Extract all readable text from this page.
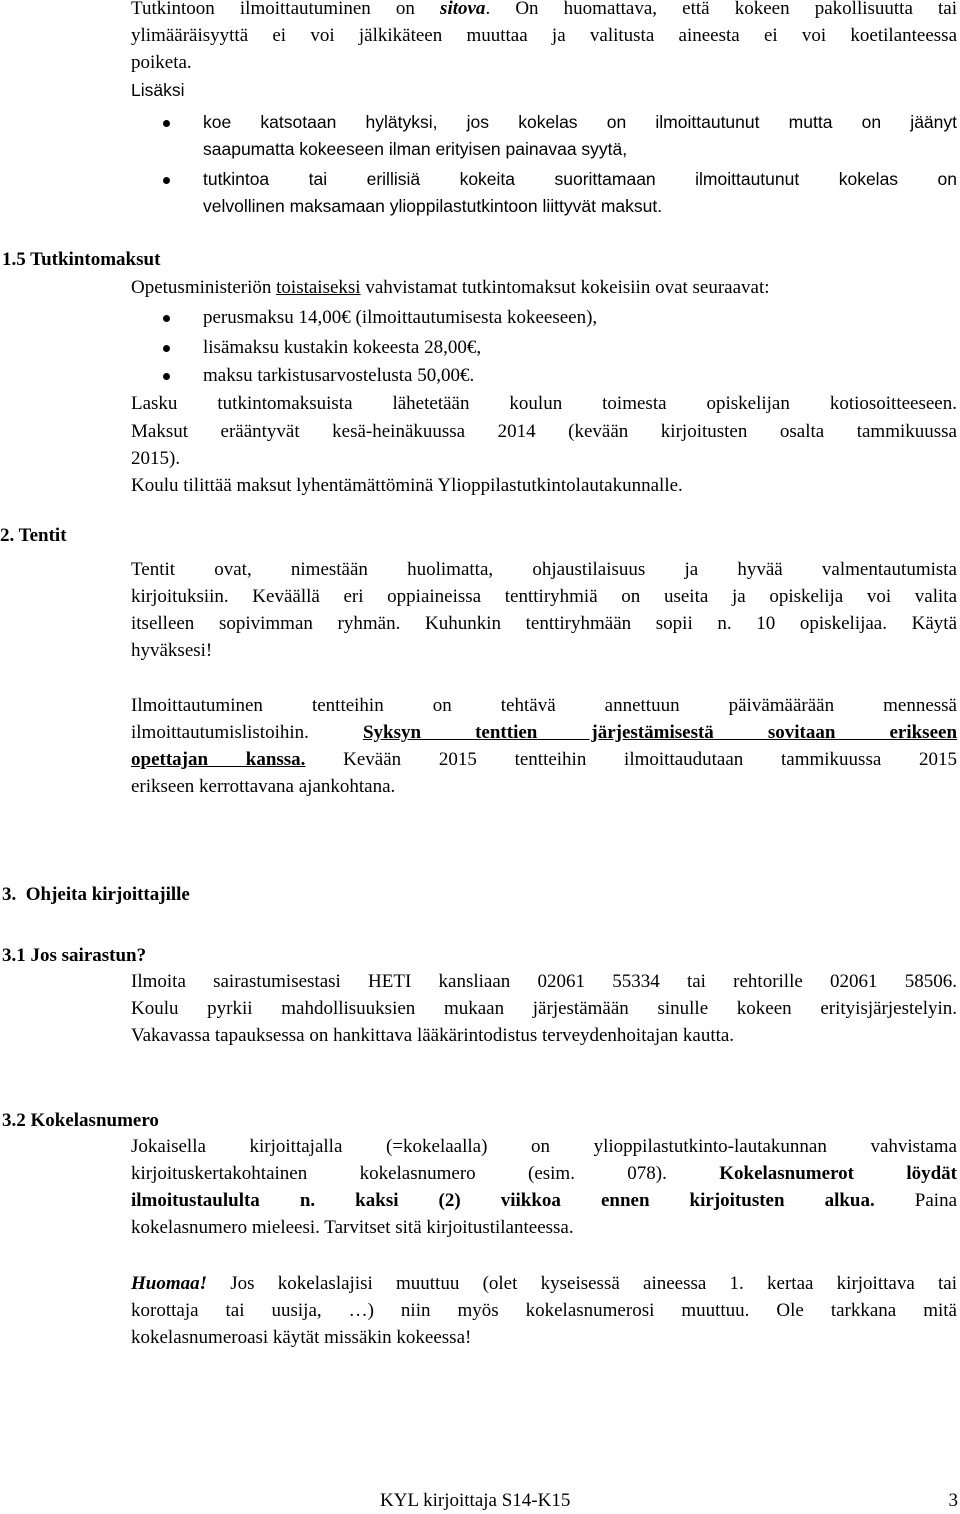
Tutkintoon ilmoittautuminen on sitova. On huomattava, että kokeen pakollisuutta tai
ylimääräisyyttä ei voi jälkikäteen muuttaa ja valitusta aineesta ei voi koetilanteessa
poiketa.
Lisäksi
koe katsotaan hylätyksi, jos kokelas on ilmoittautunut mutta on jäänyt
saapumatta kokeeseen ilman erityisen painavaa syytä,
tutkintoa tai erillisiä kokeita suorittamaan ilmoittautunut kokelas on
velvollinen maksamaan ylioppilastutkintoon liittyvät maksut.
1.5 Tutkintomaksut
Opetusministeriön toistaiseksi vahvistamat tutkintomaksut kokeisiin ovat seuraavat:
perusmaksu 14,00€ (ilmoittautumisesta kokeeseen),
lisämaksu kustakin kokeesta 28,00€,
maksu tarkistusarvostelusta 50,00€.
Lasku tutkintomaksuista lähetetään koulun toimesta opiskelijan kotiosoitteeseen.
Maksut erääntyvät kesä-heinäkuussa 2014 (kevään kirjoitusten osalta tammikuussa
2015).
Koulu tilittää maksut lyhentämättöminä Ylioppilastutkintolautakunnalle.
2. Tentit
Tentit ovat, nimestään huolimatta, ohjaustilaisuus ja hyvää valmentautumista
kirjoituksiin. Keväällä eri oppiaineissa tenttiryhmiä on useita ja opiskelija voi valita
itselleen sopivimman ryhmän. Kuhunkin tenttiryhmään sopii n. 10 opiskelijaa. Käytä
hyväksesi!
Ilmoittautuminen tentteihin on tehtävä annettuun päivämäärään mennessä
ilmoittautumislistoihin. Syksyn tenttien järjestämisestä sovitaan erikseen
opettajan kanssa. Kevään 2015 tentteihin ilmoittaudutaan tammikuussa 2015
erikseen kerrottavana ajankohtana.
3.  Ohjeita kirjoittajille
3.1 Jos sairastun?
Ilmoita sairastumisestasi HETI kansliaan 02061 55334 tai rehtorille 02061 58506.
Koulu pyrkii mahdollisuuksien mukaan järjestämään sinulle kokeen erityisjärjestelyin.
Vakavassa tapauksessa on hankittava lääkärintodistus terveydenhoitajan kautta.
3.2 Kokelasnumero
Jokaisella kirjoittajalla (=kokelaalla) on ylioppilastutkinto-lautakunnan vahvistama
kirjoituskertakohtainen kokelasnumero (esim. 078). Kokelasnumerot löydät
ilmoitustaululta n. kaksi (2) viikkoa ennen kirjoitusten alkua. Paina
kokelasnumero mieleesi. Tarvitset sitä kirjoitustilanteessa.
Huomaa! Jos kokelaslajisi muuttuu (olet kyseisessä aineessa 1. kertaa kirjoittava tai
korottaja tai uusija, …) niin myös kokelasnumerosi muuttuu. Ole tarkkana mitä
kokelasnumeroasi käytät missäkin kokeessa!
KYL kirjoittaja S14-K15	3
